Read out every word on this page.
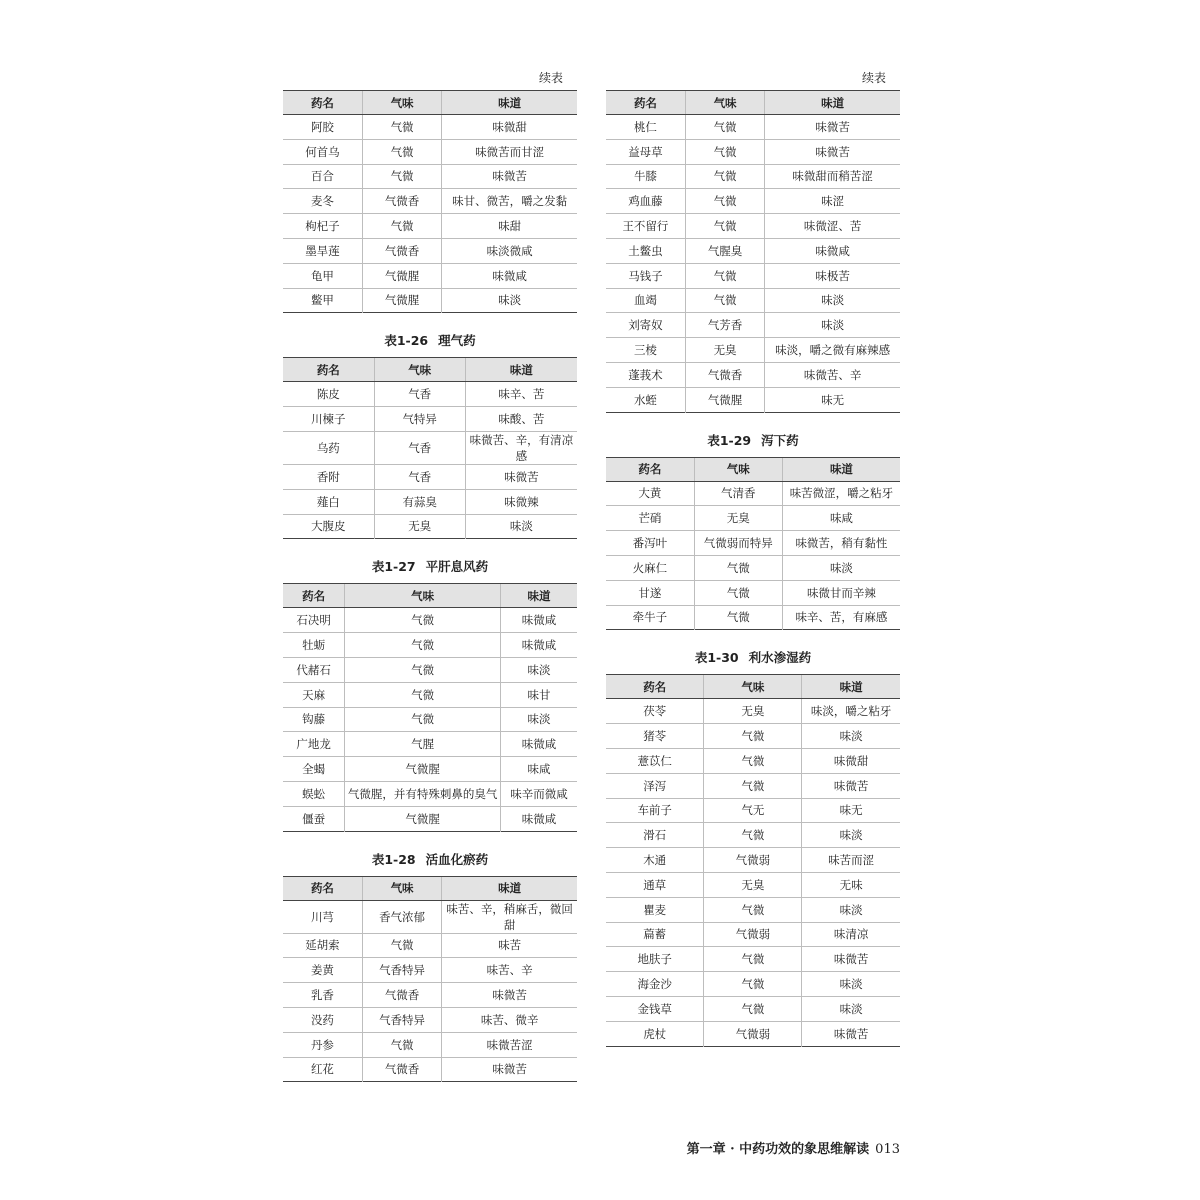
续表
药名	气味	味道
阿胶	气微	味微甜
何首乌	气微	味微苦而甘涩
百合	气微	味微苦
麦冬	气微香	味甘、微苦，嚼之发黏
枸杞子	气微	味甜
墨旱莲	气微香	味淡微咸
龟甲	气微腥	味微咸
鳖甲	气微腥	味淡
表1-26 理气药
药名	气味	味道
陈皮	气香	味辛、苦
川楝子	气特异	味酸、苦
乌药	气香	味微苦、辛，有清凉感
香附	气香	味微苦
薤白	有蒜臭	味微辣
大腹皮	无臭	味淡
表1-27 平肝息风药
药名	气味	味道
石决明	气微	味微咸
牡蛎	气微	味微咸
代赭石	气微	味淡
天麻	气微	味甘
钩藤	气微	味淡
广地龙	气腥	味微咸
全蝎	气微腥	味咸
蜈蚣	气微腥，并有特殊刺鼻的臭气	味辛而微咸
僵蚕	气微腥	味微咸
表1-28 活血化瘀药
药名	气味	味道
川芎	香气浓郁	味苦、辛，稍麻舌，微回甜
延胡索	气微	味苦
姜黄	气香特异	味苦、辛
乳香	气微香	味微苦
没药	气香特异	味苦、微辛
丹参	气微	味微苦涩
红花	气微香	味微苦
续表
药名	气味	味道
桃仁	气微	味微苦
益母草	气微	味微苦
牛膝	气微	味微甜而稍苦涩
鸡血藤	气微	味涩
王不留行	气微	味微涩、苦
土鳖虫	气腥臭	味微咸
马钱子	气微	味极苦
血竭	气微	味淡
刘寄奴	气芳香	味淡
三棱	无臭	味淡，嚼之微有麻辣感
蓬莪术	气微香	味微苦、辛
水蛭	气微腥	味无
表1-29 泻下药
药名	气味	味道
大黄	气清香	味苦微涩，嚼之粘牙
芒硝	无臭	味咸
番泻叶	气微弱而特异	味微苦，稍有黏性
火麻仁	气微	味淡
甘遂	气微	味微甘而辛辣
牵牛子	气微	味辛、苦，有麻感
表1-30 利水渗湿药
药名	气味	味道
茯苓	无臭	味淡，嚼之粘牙
猪苓	气微	味淡
薏苡仁	气微	味微甜
泽泻	气微	味微苦
车前子	气无	味无
滑石	气微	味淡
木通	气微弱	味苦而涩
通草	无臭	无味
瞿麦	气微	味淡
萹蓄	气微弱	味清凉
地肤子	气微	味微苦
海金沙	气微	味淡
金钱草	气微	味淡
虎杖	气微弱	味微苦
第一章 · 中药功效的象思维解读 013
